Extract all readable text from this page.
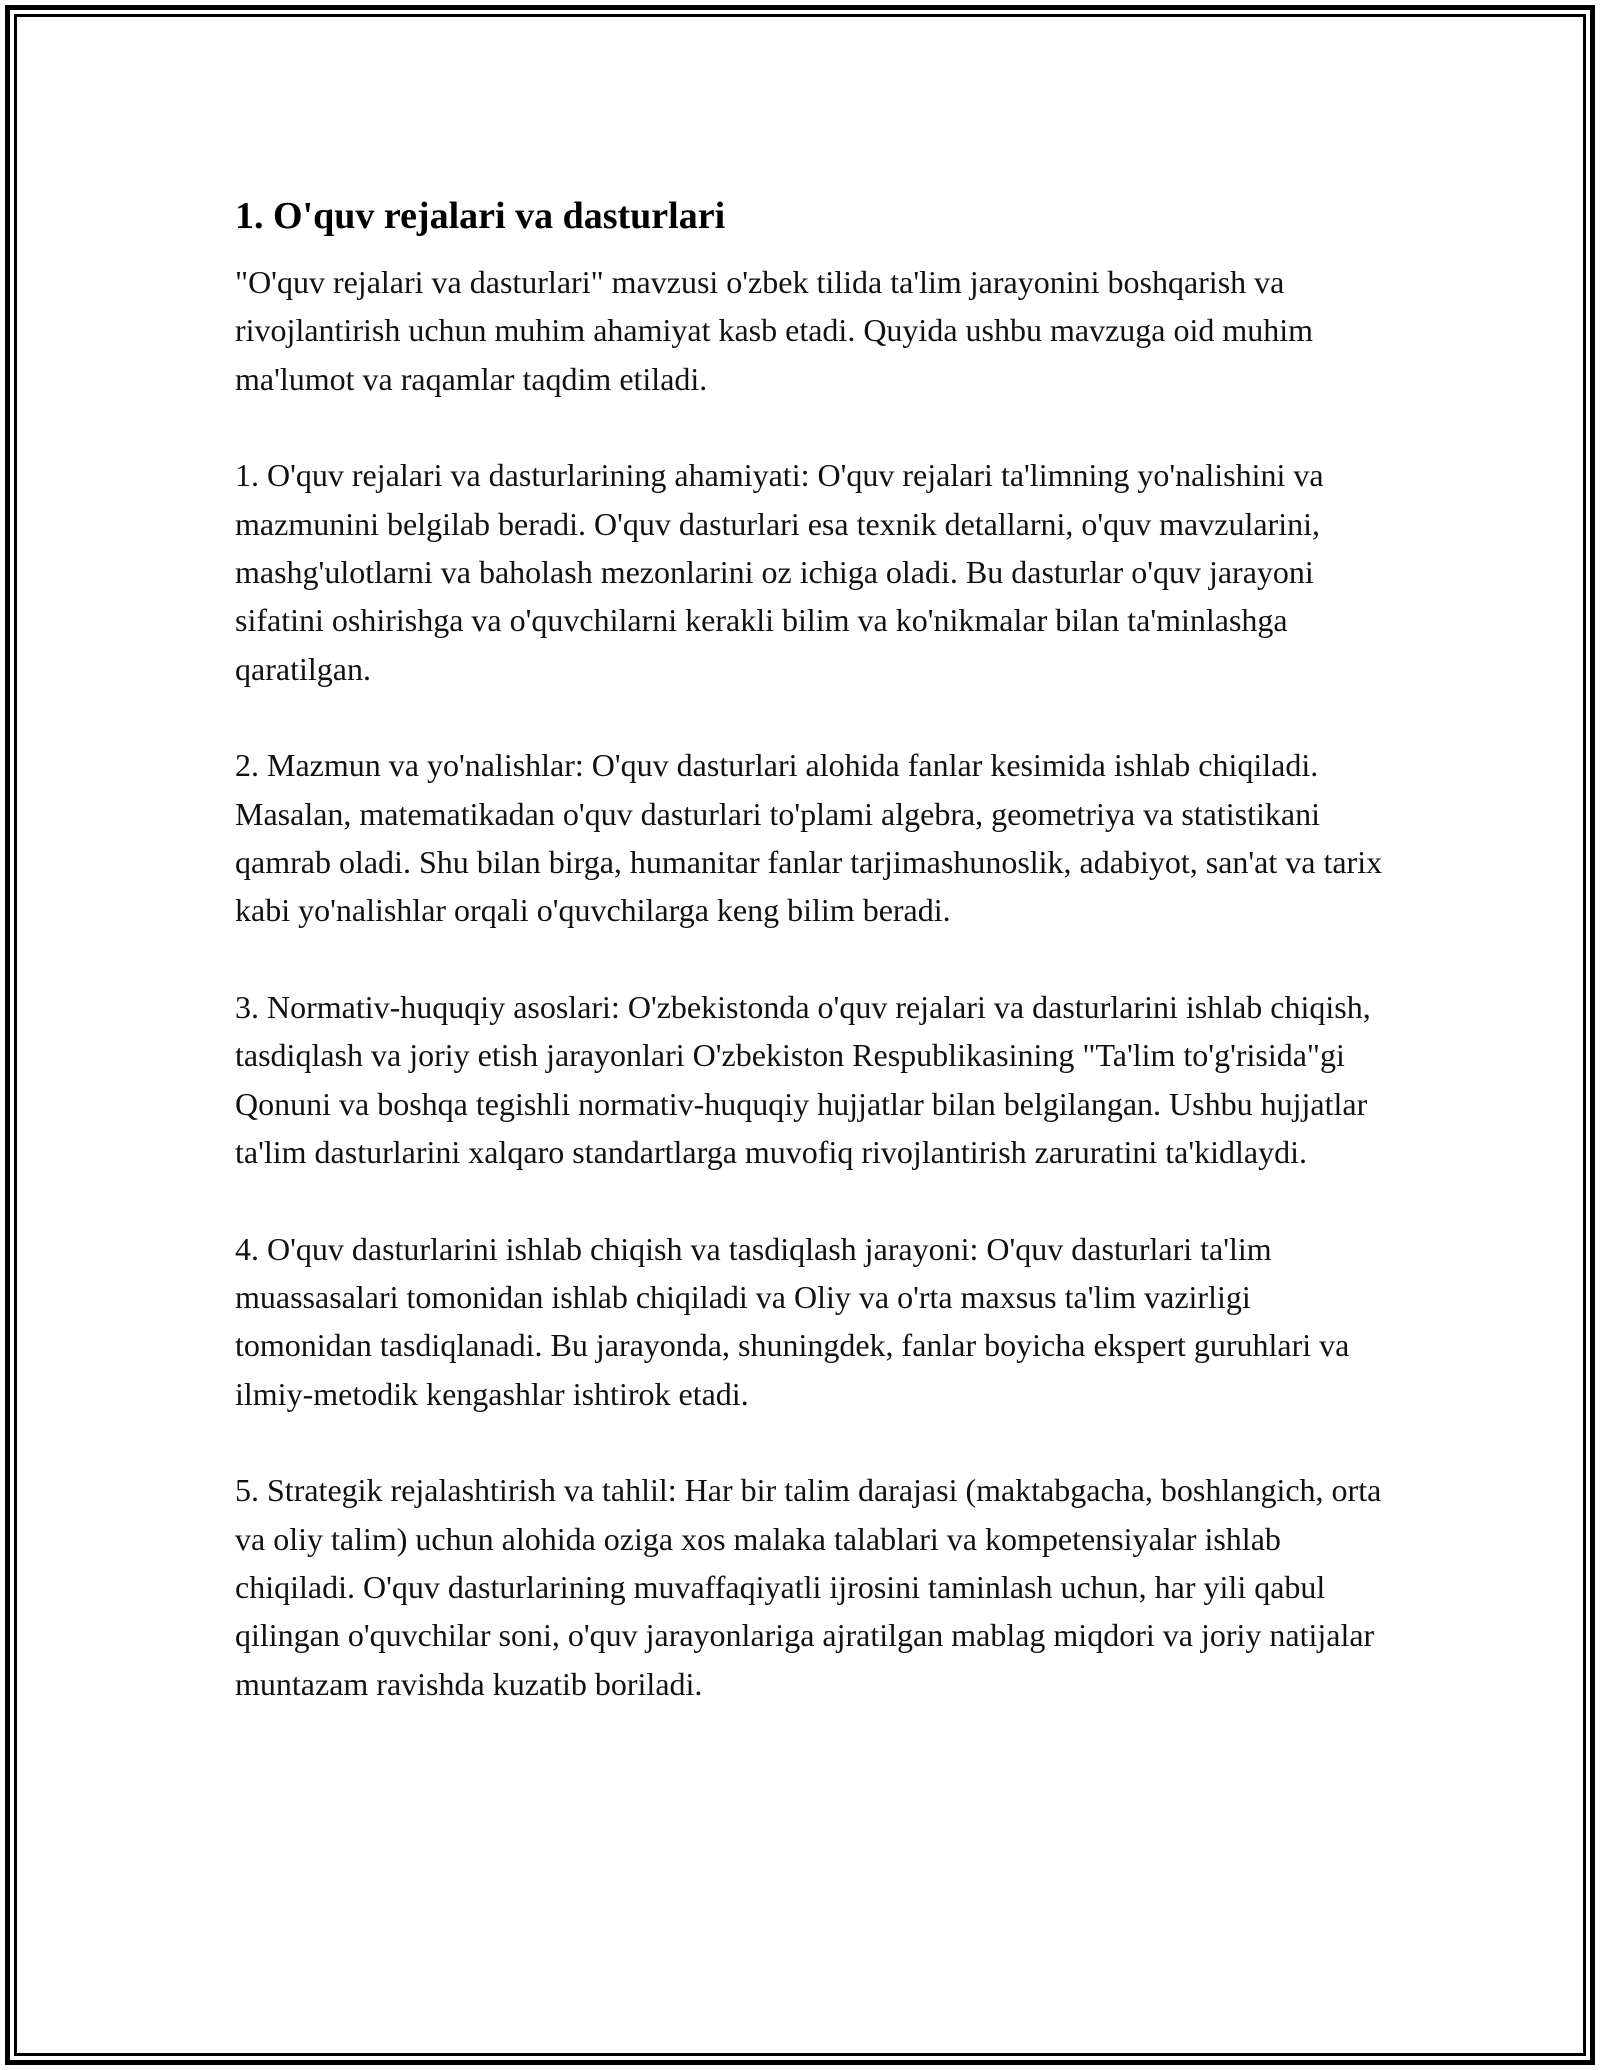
1. O'quv rejalari va dasturlari

"O'quv rejalari va dasturlari" mavzusi o'zbek tilida ta'lim jarayonini boshqarish va rivojlantirish uchun muhim ahamiyat kasb etadi. Quyida ushbu mavzuga oid muhim ma'lumot va raqamlar taqdim etiladi.

1. O'quv rejalari va dasturlarining ahamiyati: O'quv rejalari ta'limning yo'nalishini va mazmunini belgilab beradi. O'quv dasturlari esa texnik detallarni, o'quv mavzularini, mashg'ulotlarni va baholash mezonlarini oz ichiga oladi. Bu dasturlar o'quv jarayoni sifatini oshirishga va o'quvchilarni kerakli bilim va ko'nikmalar bilan ta'minlashga qaratilgan.

2. Mazmun va yo'nalishlar: O'quv dasturlari alohida fanlar kesimida ishlab chiqiladi. Masalan, matematikadan o'quv dasturlari to'plami algebra, geometriya va statistikani qamrab oladi. Shu bilan birga, humanitar fanlar tarjimashunoslik, adabiyot, san'at va tarix kabi yo'nalishlar orqali o'quvchilarga keng bilim beradi.

3. Normativ-huquqiy asoslari: O'zbekistonda o'quv rejalari va dasturlarini ishlab chiqish, tasdiqlash va joriy etish jarayonlari O'zbekiston Respublikasining "Ta'lim to'g'risida"gi Qonuni va boshqa tegishli normativ-huquqiy hujjatlar bilan belgilangan. Ushbu hujjatlar ta'lim dasturlarini xalqaro standartlarga muvofiq rivojlantirish zaruratini ta'kidlaydi.

4. O'quv dasturlarini ishlab chiqish va tasdiqlash jarayoni: O'quv dasturlari ta'lim muassasalari tomonidan ishlab chiqiladi va Oliy va o'rta maxsus ta'lim vazirligi tomonidan tasdiqlanadi. Bu jarayonda, shuningdek, fanlar boyicha ekspert guruhlari va ilmiy-metodik kengashlar ishtirok etadi.

5. Strategik rejalashtirish va tahlil: Har bir talim darajasi (maktabgacha, boshlangich, orta va oliy talim) uchun alohida oziga xos malaka talablari va kompetensiyalar ishlab chiqiladi. O'quv dasturlarining muvaffaqiyatli ijrosini taminlash uchun, har yili qabul qilingan o'quvchilar soni, o'quv jarayonlariga ajratilgan mablag miqdori va joriy natijalar muntazam ravishda kuzatib boriladi.
